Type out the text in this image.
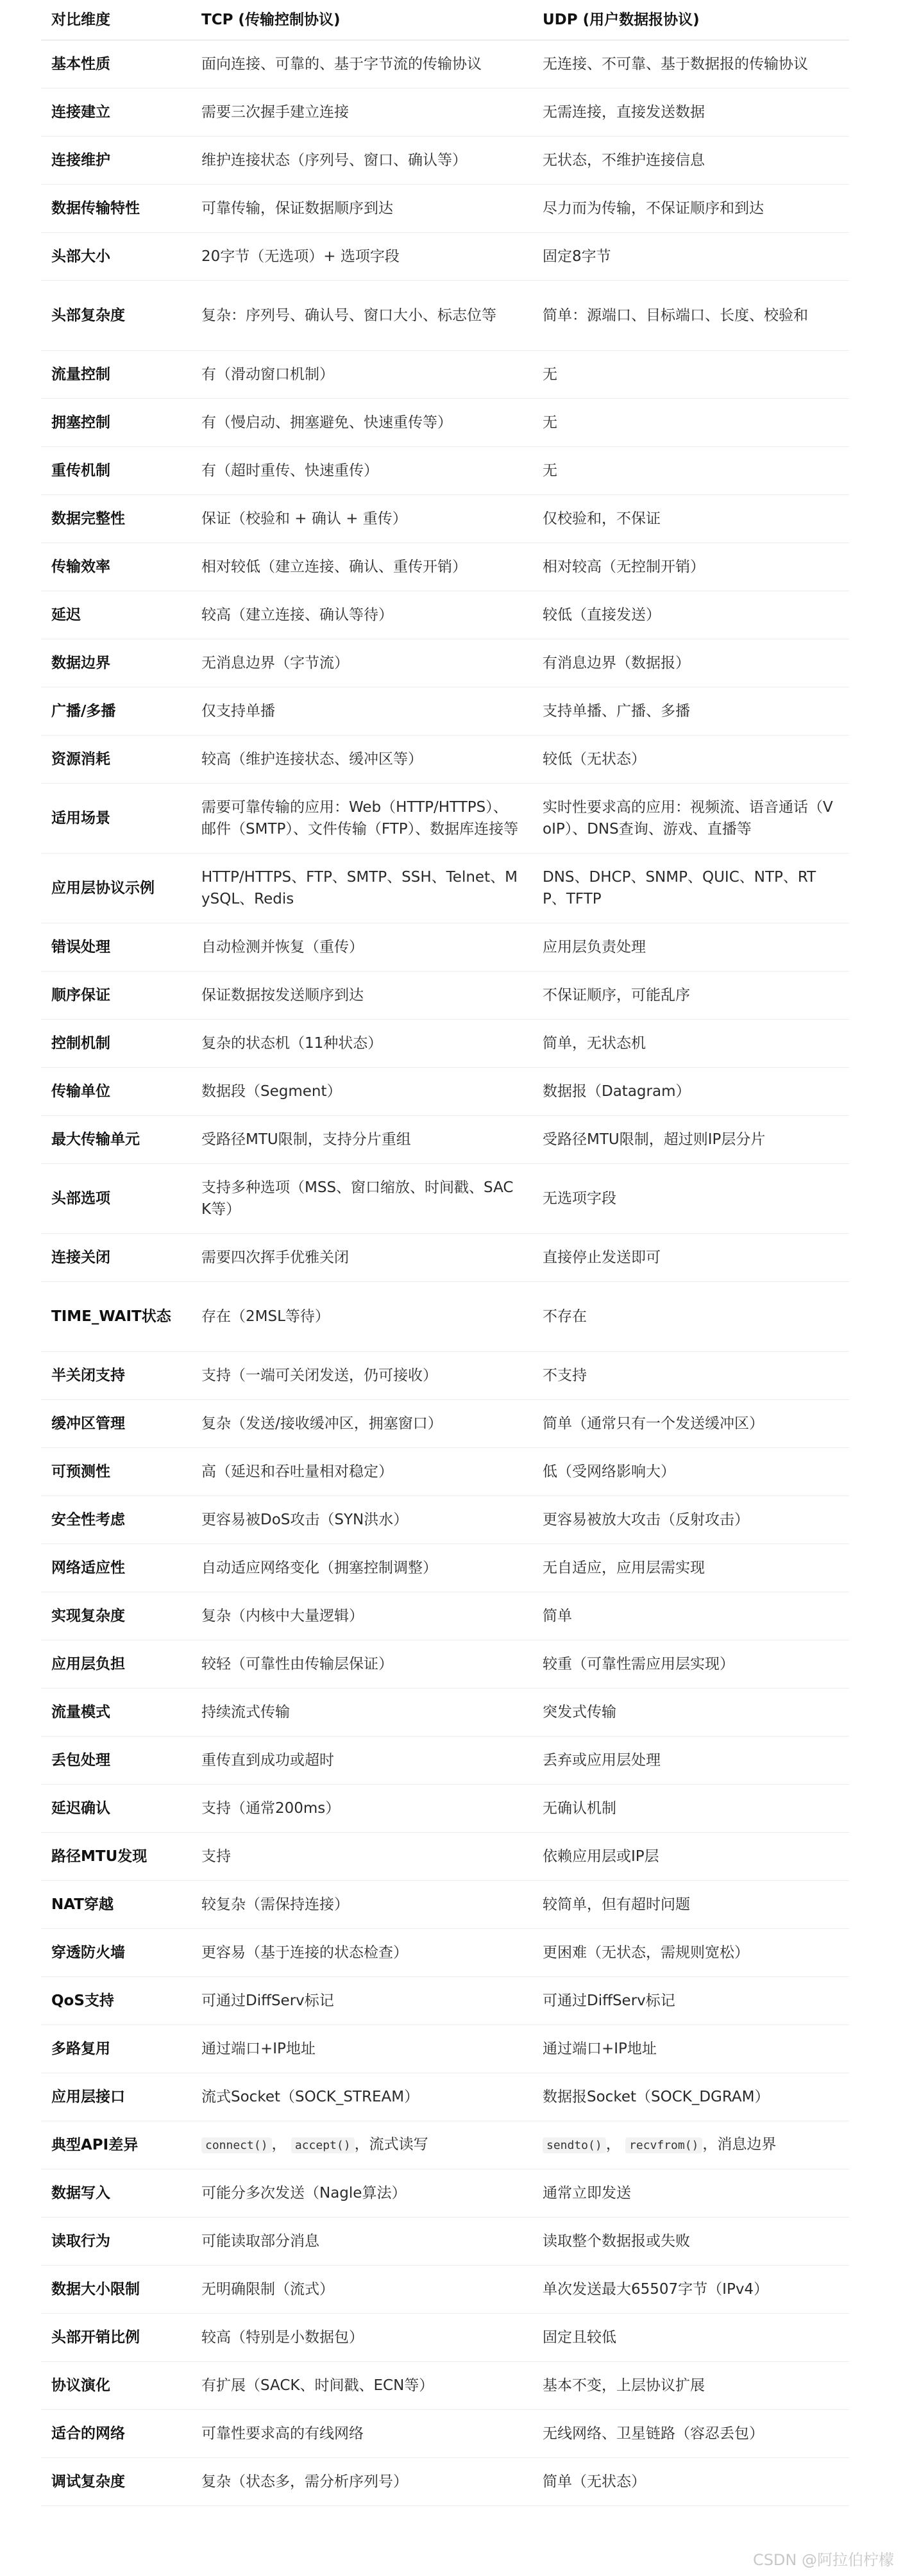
对比维度	TCP (传输控制协议)	UDP (用户数据报协议)
基本性质	面向连接、可靠的、基于字节流的传输协议	无连接、不可靠、基于数据报的传输协议
连接建立	需要三次握手建立连接	无需连接，直接发送数据
连接维护	维护连接状态（序列号、窗口、确认等）	无状态，不维护连接信息
数据传输特性	可靠传输，保证数据顺序到达	尽力而为传输，不保证顺序和到达
头部大小	20字节（无选项）+ 选项字段	固定8字节
头部复杂度	复杂：序列号、确认号、窗口大小、标志位等	简单：源端口、目标端口、长度、校验和
流量控制	有（滑动窗口机制）	无
拥塞控制	有（慢启动、拥塞避免、快速重传等）	无
重传机制	有（超时重传、快速重传）	无
数据完整性	保证（校验和 + 确认 + 重传）	仅校验和，不保证
传输效率	相对较低（建立连接、确认、重传开销）	相对较高（无控制开销）
延迟	较高（建立连接、确认等待）	较低（直接发送）
数据边界	无消息边界（字节流）	有消息边界（数据报）
广播/多播	仅支持单播	支持单播、广播、多播
资源消耗	较高（维护连接状态、缓冲区等）	较低（无状态）
适用场景	需要可靠传输的应用：Web（HTTP/HTTPS）、邮件（SMTP）、文件传输（FTP）、数据库连接等	实时性要求高的应用：视频流、语音通话（VoIP）、DNS查询、游戏、直播等
应用层协议示例	HTTP/HTTPS、FTP、SMTP、SSH、Telnet、MySQL、Redis	DNS、DHCP、SNMP、QUIC、NTP、RTP、TFTP
错误处理	自动检测并恢复（重传）	应用层负责处理
顺序保证	保证数据按发送顺序到达	不保证顺序，可能乱序
控制机制	复杂的状态机（11种状态）	简单，无状态机
传输单位	数据段（Segment）	数据报（Datagram）
最大传输单元	受路径MTU限制，支持分片重组	受路径MTU限制，超过则IP层分片
头部选项	支持多种选项（MSS、窗口缩放、时间戳、SACK等）	无选项字段
连接关闭	需要四次挥手优雅关闭	直接停止发送即可
TIME_WAIT状态	存在（2MSL等待）	不存在
半关闭支持	支持（一端可关闭发送，仍可接收）	不支持
缓冲区管理	复杂（发送/接收缓冲区，拥塞窗口）	简单（通常只有一个发送缓冲区）
可预测性	高（延迟和吞吐量相对稳定）	低（受网络影响大）
安全性考虑	更容易被DoS攻击（SYN洪水）	更容易被放大攻击（反射攻击）
网络适应性	自动适应网络变化（拥塞控制调整）	无自适应，应用层需实现
实现复杂度	复杂（内核中大量逻辑）	简单
应用层负担	较轻（可靠性由传输层保证）	较重（可靠性需应用层实现）
流量模式	持续流式传输	突发式传输
丢包处理	重传直到成功或超时	丢弃或应用层处理
延迟确认	支持（通常200ms）	无确认机制
路径MTU发现	支持	依赖应用层或IP层
NAT穿越	较复杂（需保持连接）	较简单，但有超时问题
穿透防火墙	更容易（基于连接的状态检查）	更困难（无状态，需规则宽松）
QoS支持	可通过DiffServ标记	可通过DiffServ标记
多路复用	通过端口+IP地址	通过端口+IP地址
应用层接口	流式Socket（SOCK_STREAM）	数据报Socket（SOCK_DGRAM）
典型API差异	connect() ， accept() ，流式读写	sendto() ， recvfrom() ，消息边界
数据写入	可能分多次发送（Nagle算法）	通常立即发送
读取行为	可能读取部分消息	读取整个数据报或失败
数据大小限制	无明确限制（流式）	单次发送最大65507字节（IPv4）
头部开销比例	较高（特别是小数据包）	固定且较低
协议演化	有扩展（SACK、时间戳、ECN等）	基本不变，上层协议扩展
适合的网络	可靠性要求高的有线网络	无线网络、卫星链路（容忍丢包）
调试复杂度	复杂（状态多，需分析序列号）	简单（无状态）
CSDN @阿拉伯柠檬
